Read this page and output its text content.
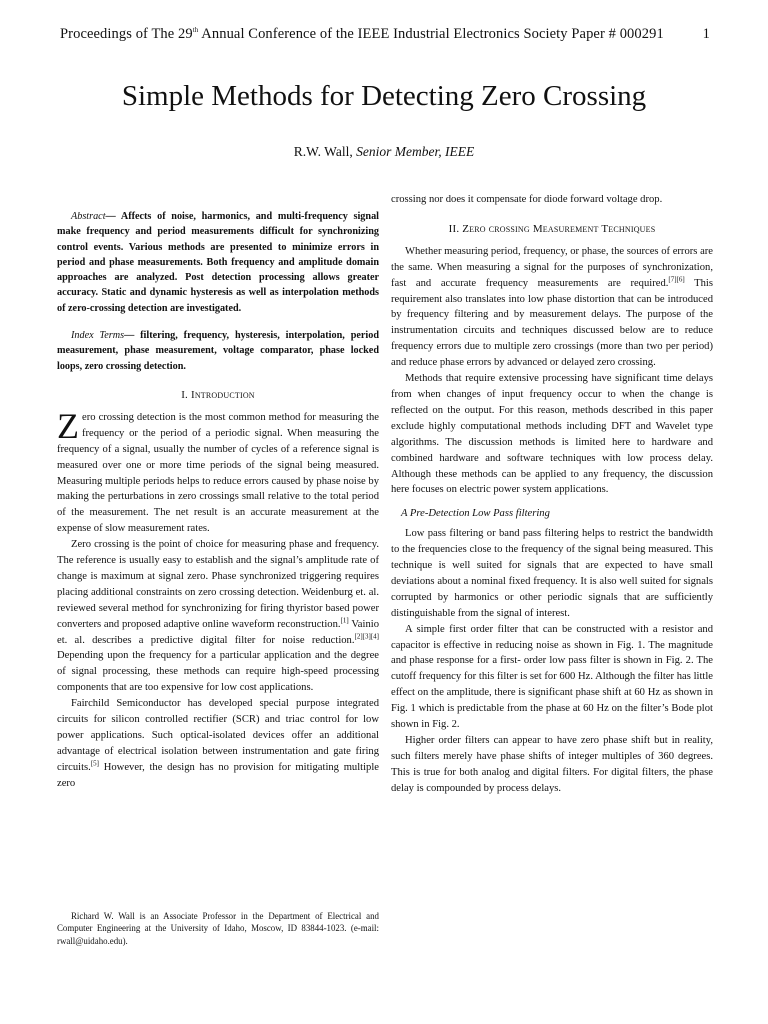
Proceedings of The 29th Annual Conference of the IEEE Industrial Electronics Society Paper # 000291	1
Simple Methods for Detecting Zero Crossing
R.W. Wall, Senior Member, IEEE

Abstract— Affects of noise, harmonics, and multi-frequency signal make frequency and period measurements difficult for synchronizing control events. Various methods are presented to minimize errors in period and phase measurements. Both frequency and amplitude domain approaches are analyzed. Post detection processing allows greater accuracy. Static and dynamic hysteresis as well as interpolation methods of zero-crossing detection are investigated.

Index Terms— filtering, frequency, hysteresis, interpolation, period measurement, phase measurement, voltage comparator, phase locked loops, zero crossing detection.

I. Introduction

Zero crossing detection is the most common method for measuring the frequency or the period of a periodic signal. When measuring the frequency of a signal, usually the number of cycles of a reference signal is measured over one or more time periods of the signal being measured. Measuring multiple periods helps to reduce errors caused by phase noise by making the perturbations in zero crossings small relative to the total period of the measurement. The net result is an accurate measurement at the expense of slow measurement rates.

Zero crossing is the point of choice for measuring phase and frequency. The reference is usually easy to establish and the signal’s amplitude rate of change is maximum at signal zero. Phase synchronized triggering requires placing additional constraints on zero crossing detection. Weidenburg et. al. reviewed several method for synchronizing for firing thyristor based power converters and proposed adaptive online waveform reconstruction.[1] Vainio et. al. describes a predictive digital filter for noise reduction.[2][3][4] Depending upon the frequency for a particular application and the degree of signal processing, these methods can require high-speed processing components that are too expensive for low cost applications.

Fairchild Semiconductor has developed special purpose integrated circuits for silicon controlled rectifier (SCR) and triac control for low power applications. Such optical-isolated devices offer an additional advantage of electrical isolation between instrumentation and gate firing circuits.[5] However, the design has no provision for mitigating multiple zero

crossing nor does it compensate for diode forward voltage drop.

II. Zero crossing Measurement Techniques

Whether measuring period, frequency, or phase, the sources of errors are the same. When measuring a signal for the purposes of synchronization, fast and accurate frequency measurements are required.[7][6] This requirement also translates into low phase distortion that can be introduced by frequency filtering and by measurement delays. The purpose of the instrumentation circuits and techniques discussed below are to reduce frequency errors due to multiple zero crossings (more than two per period) and reduce phase errors by advanced or delayed zero crossing.

Methods that require extensive processing have significant time delays from when changes of input frequency occur to when the change is reflected on the output. For this reason, methods described in this paper exclude highly computational methods including DFT and Wavelet type algorithms. The discussion methods is limited here to hardware and combined hardware and software techniques with low process delay. Although these methods can be applied to any frequency, the discussion here focuses on electric power system applications.

A Pre-Detection Low Pass filtering

Low pass filtering or band pass filtering helps to restrict the bandwidth to the frequencies close to the frequency of the signal being measured. This technique is well suited for signals that are expected to have small deviations about a nominal fixed frequency. It is also well suited for signals corrupted by harmonics or other periodic signals that are sufficiently distinguishable from the signal of interest.

A simple first order filter that can be constructed with a resistor and capacitor is effective in reducing noise as shown in Fig. 1. The magnitude and phase response for a first- order low pass filter is shown in Fig. 2. The cutoff frequency for this filter is set for 600 Hz. Although the filter has little effect on the amplitude, there is significant phase shift at 60 Hz as shown in Fig. 1 which is predictable from the phase at 60 Hz on the filter’s Bode plot shown in Fig. 2.

Higher order filters can appear to have zero phase shift but in reality, such filters merely have phase shifts of integer multiples of 360 degrees. This is true for both analog and digital filters. For digital filters, the phase delay is compounded by process delays.

Richard W. Wall is an Associate Professor in the Department of Electrical and Computer Engineering at the University of Idaho, Moscow, ID 83844-1023. (e-mail: rwall@uidaho.edu).
